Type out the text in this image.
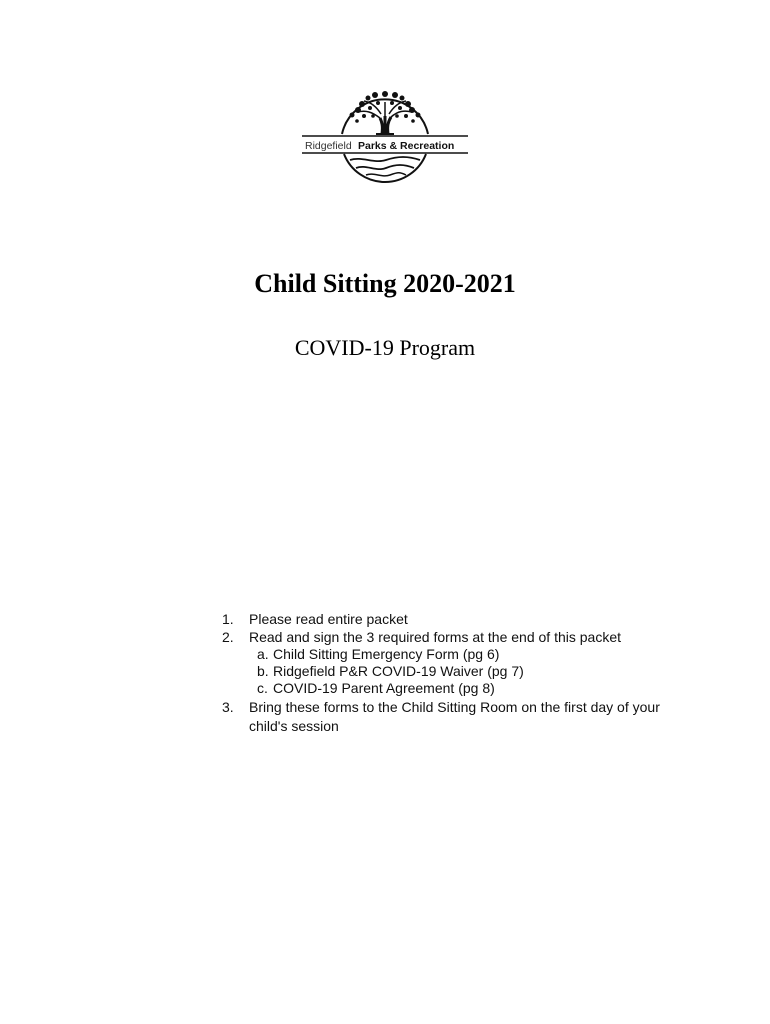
Ridgefield Parks & Recreation
Child Sitting 2020-2021

COVID-19 Program

1.	Please read entire packet
2.	Read and sign the 3 required forms at the end of this packet
a. Child Sitting Emergency Form (pg 6)
b. Ridgefield P&R COVID-19 Waiver (pg 7)
c. COVID-19 Parent Agreement (pg 8)
3.	Bring these forms to the Child Sitting Room on the first day of your child's session
